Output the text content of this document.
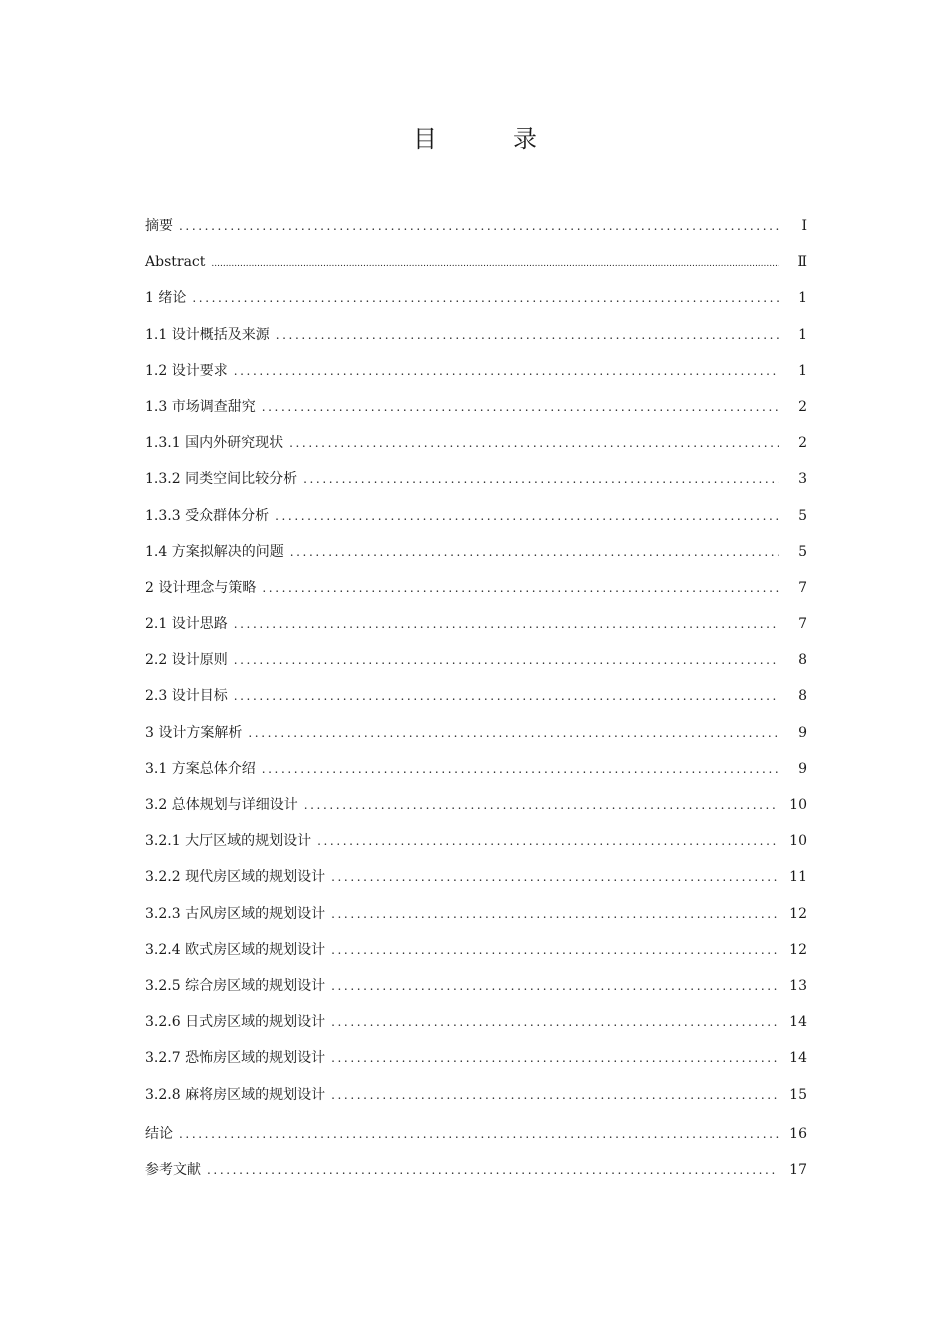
目　录
摘要 .....	Ⅰ
Abstract .....	Ⅱ
1 绪论 .....	1
1.1 设计概括及来源 .....	1
1.2 设计要求 .....	1
1.3 市场调查甜究 .....	2
1.3.1 国内外研究现状 .....	2
1.3.2 同类空间比较分析 .....	3
1.3.3 受众群体分析 .....	5
1.4 方案拟解决的问题 .....	5
2 设计理念与策略 .....	7
2.1 设计思路 .....	7
2.2 设计原则 .....	8
2.3 设计目标 .....	8
3 设计方案解析 .....	9
3.1 方案总体介绍 .....	9
3.2 总体规划与详细设计 .....	10
3.2.1 大厅区域的规划设计 .....	10
3.2.2 现代房区域的规划设计 .....	11
3.2.3 古风房区域的规划设计 .....	12
3.2.4 欧式房区域的规划设计 .....	12
3.2.5 综合房区域的规划设计 .....	13
3.2.6 日式房区域的规划设计 .....	14
3.2.7 恐怖房区域的规划设计 .....	14
3.2.8 麻将房区域的规划设计 .....	15
结论 .....	16
参考文献 .....	17
